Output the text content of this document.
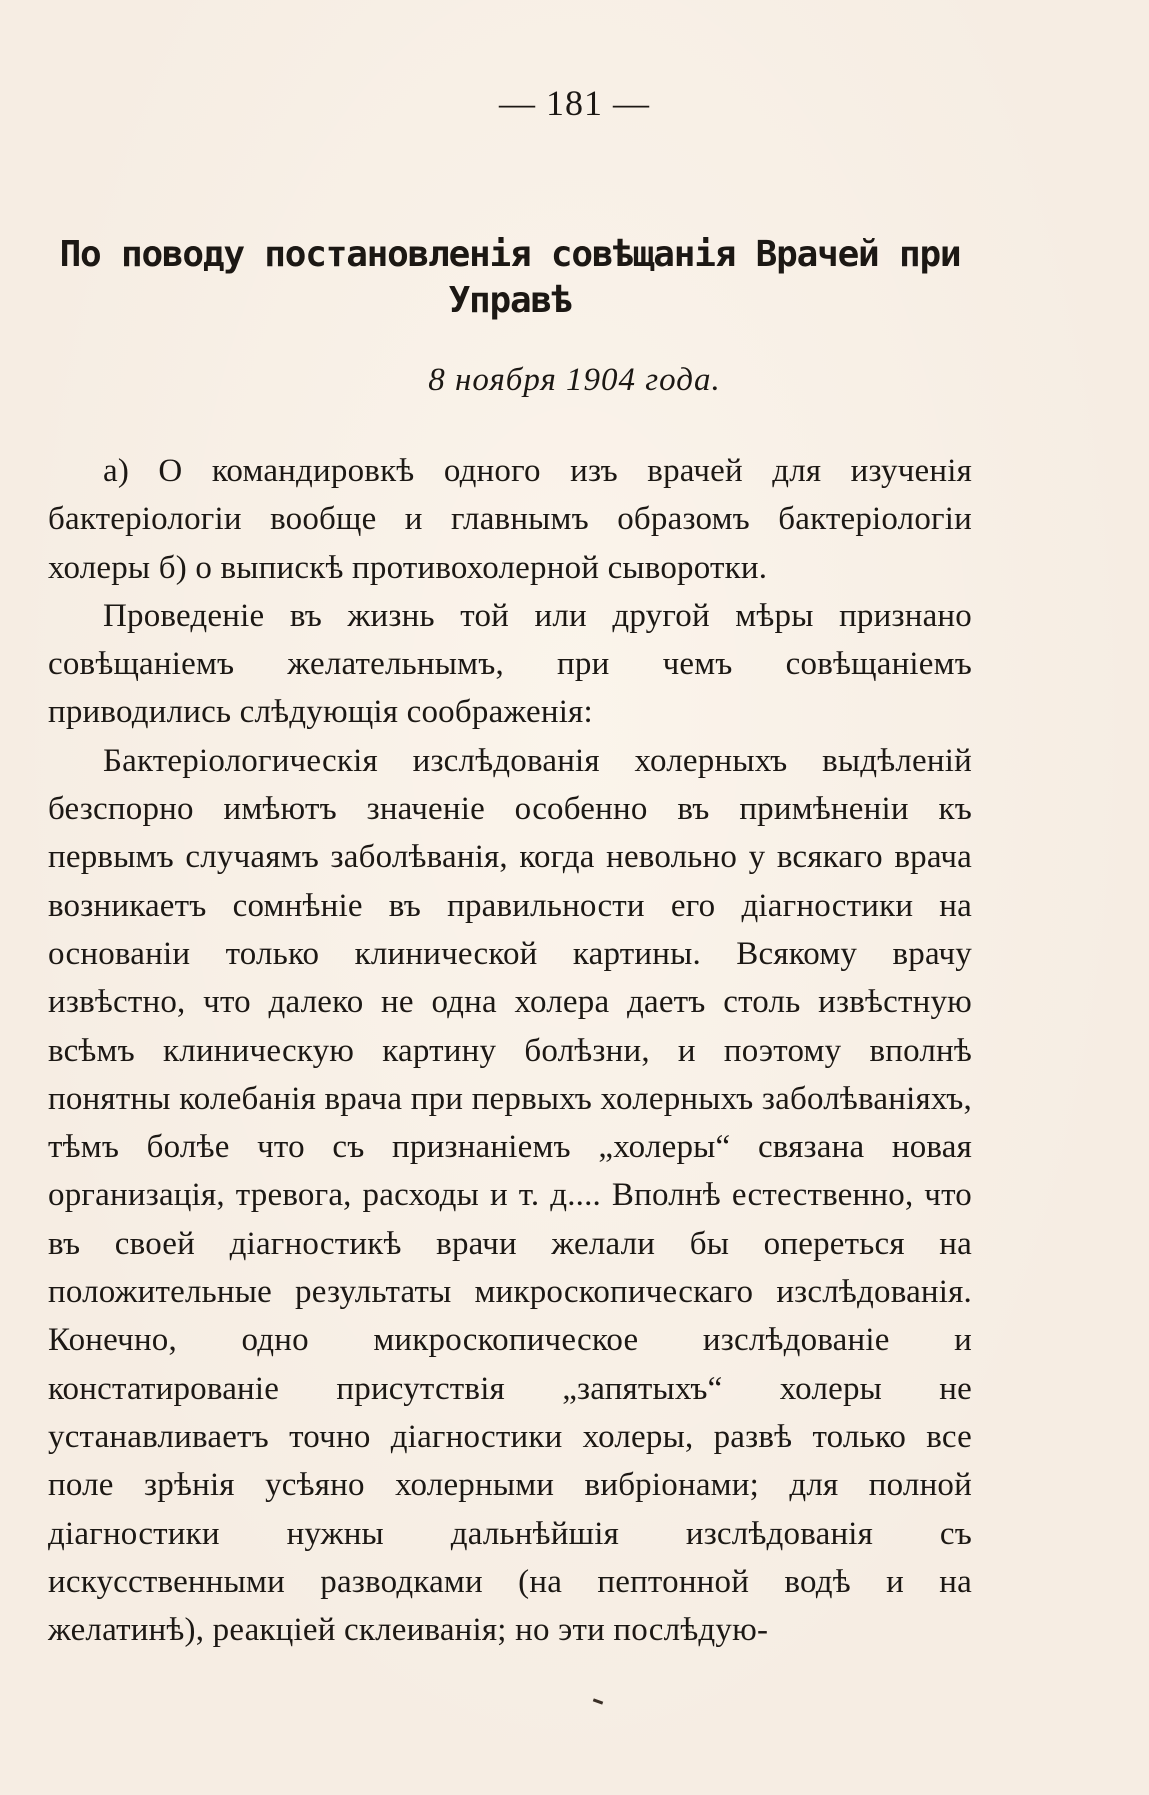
— 181 —
По поводу постановленія совѣщанія Врачей при Управѣ
8 ноября 1904 года.

а) О командировкѣ одного изъ врачей для изученія бактеріологіи вообще и главнымъ образомъ бактеріологіи холеры б) о выпискѣ противохолерной сыворотки.

Проведеніе въ жизнь той или другой мѣры признано совѣщаніемъ желательнымъ, при чемъ совѣщаніемъ приводились слѣдующія соображенія:

Бактеріологическія изслѣдованія холерныхъ выдѣленій безспорно имѣютъ значеніе особенно въ примѣненіи къ первымъ случаямъ заболѣванія, когда невольно у всякаго врача возникаетъ сомнѣніе въ правильности его діагностики на основаніи только клинической картины. Всякому врачу извѣстно, что далеко не одна холера даетъ столь извѣстную всѣмъ клиническую картину болѣзни, и поэтому вполнѣ понятны колебанія врача при первыхъ холерныхъ заболѣваніяхъ, тѣмъ болѣе что съ признаніемъ „холеры“ связана новая организація, тревога, расходы и т. д.... Вполнѣ естественно, что въ своей діагностикѣ врачи желали бы опереться на положительные результаты микроскопическаго изслѣдованія. Конечно, одно микроскопическое изслѣдованіе и констатированіе присутствія „запятыхъ“ холеры не устанавливаетъ точно діагностики холеры, развѣ только все поле зрѣнія усѣяно холерными вибріонами; для полной діагностики нужны дальнѣйшія изслѣдованія съ искусственными разводками (на пептонной водѣ и на желатинѣ), реакціей склеиванія; но эти послѣдую-
